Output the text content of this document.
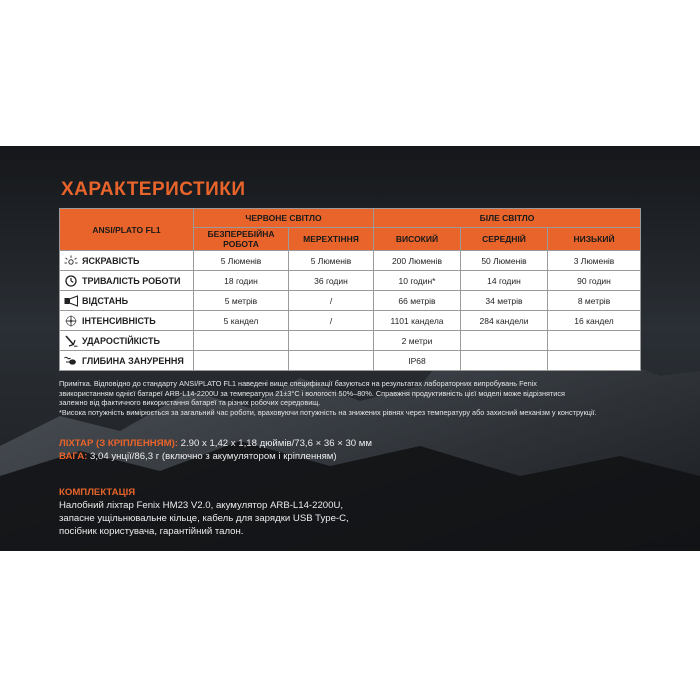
ХАРАКТЕРИСТИКИ
ANSI/PLATO FL1	ЧЕРВОНЕ СВІТЛО		БІЛЕ СВІТЛО		
	БЕЗПЕРЕБІЙНА РОБОТА	МЕРЕХТІННЯ	ВИСОКИЙ	СЕРЕДНІЙ	НИЗЬКИЙ

ЯСКРАВІСТЬ	5 Люменів	5 Люменів	200 Люменів	50 Люменів	3 Люменів

ТРИВАЛІСТЬ РОБОТИ	18 годин	36 годин	10 годин*	14 годин	90 годин

ВІДСТАНЬ	5 метрів	/	66 метрів	34 метрів	8 метрів

ІНТЕНСИВНІСТЬ	5 кандел	/	1101 кандела	284 кандели	16 кандел

УДАРОСТІЙКІСТЬ			2 метри		

ГЛИБИНА ЗАНУРЕННЯ			IP68		

Примітка. Відповідно до стандарту ANSI/PLATO FL1 наведені вище специфікації базуються на результатах лабораторних випробувань Fenix

звикористанням однієї батареї ARB-L14-2200U за температури 21±3°C і вологості 50%–80%. Справжня продуктивність цієї моделі може відрізнятися

залежно від фактичного використання батареї та різних робочих середовищ.

*Висока потужність вимірюється за загальний час роботи, враховуючи потужність на знижених рівнях через температуру або захисний механізм у конструкції.

ЛІХТАР (З КРІПЛЕННЯМ): 2.90 х 1,42 х 1,18 дюймів/73,6 × 36 × 30 мм
ВАГА: 3,04 унції/86,3 г (включно з акумулятором і кріпленням)
КОМПЛЕКТАЦІЯ
Налобний ліхтар Fenix HM23 V2.0, акумулятор ARB-L14-2200U, запасне ущільнювальне кільце, кабель для зарядки USB Type-C, посібник користувача, гарантійний талон.
